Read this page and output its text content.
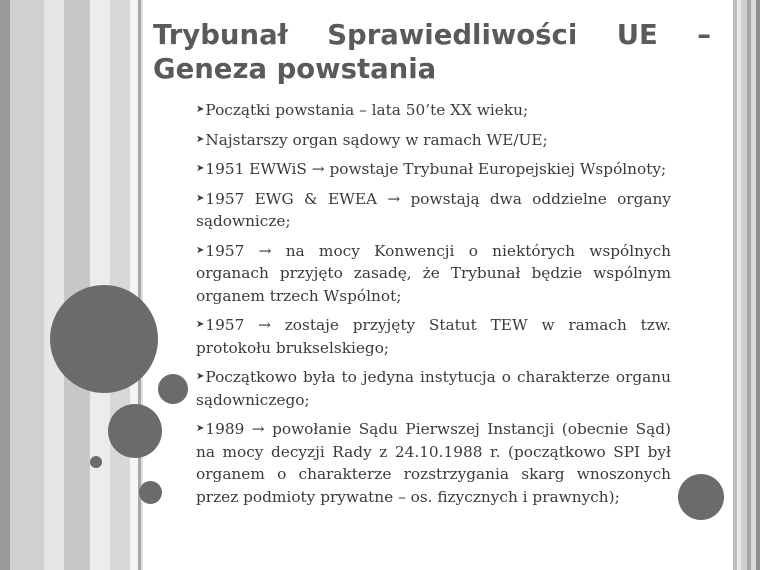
Trybunał Sprawiedliwości UE –
Geneza powstania
➤Początki powstania – lata 50’te XX wieku;
➤Najstarszy organ sądowy w ramach WE/UE;
➤1951 EWWiS → powstaje Trybunał Europejskiej Wspólnoty;
➤1957 EWG & EWEA → powstają dwa oddzielne organy sądownicze;
➤1957 → na mocy Konwencji o niektórych wspólnych organach przyjęto zasadę, że Trybunał będzie wspólnym organem trzech Wspólnot;
➤1957 → zostaje przyjęty Statut TEW w ramach tzw. protokołu brukselskiego;
➤Początkowo była to jedyna instytucja o charakterze organu sądowniczego;
➤1989 → powołanie Sądu Pierwszej Instancji (obecnie Sąd) na mocy decyzji Rady z 24.10.1988 r. (początkowo SPI był organem o charakterze rozstrzygania skarg wnoszonych przez podmioty prywatne – os. fizycznych i prawnych);
